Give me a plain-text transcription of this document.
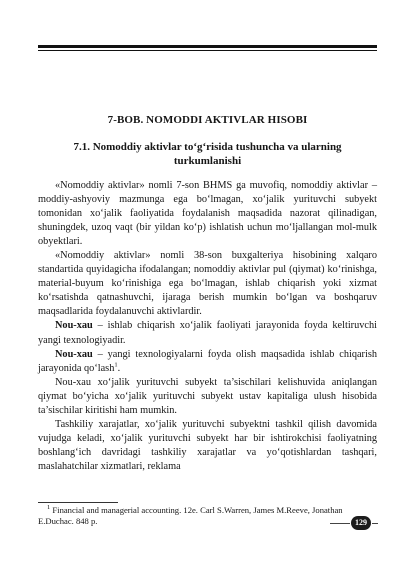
7-BOB. NOMODDI AKTIVLAR HISOBI
7.1. Nomoddiy aktivlar to‘g‘risida tushuncha va ularning turkumlanishi

«Nomoddiy aktivlar» nomli 7-son BHMS ga muvofiq, nomoddiy aktivlar – moddiy-ashyoviy mazmunga ega bo‘lmagan, xo‘jalik yurituvchi subyekt tomonidan xo‘jalik faoliyatida foydalanish maqsadida nazorat qilinadigan, shuningdek, uzoq vaqt (bir yildan ko‘p) ishlatish uchun mo‘ljallangan mol-mulk obyektlari.

«Nomoddiy aktivlar» nomli 38-son buxgalteriya hisobining xalqaro standartida quyidagicha ifodalangan; nomoddiy aktivlar pul (qiymat) ko‘rinishga, material-buyum ko‘rinishiga ega bo‘lmagan, ishlab chiqarish yoki xizmat ko‘rsatishda qatnashuvchi, ijaraga berish mumkin bo‘lgan va boshqaruv maqsadlarida foydalanuvchi aktivlardir.

Nou-xau – ishlab chiqarish xo‘jalik faoliyati jarayonida foyda keltiruvchi yangi texnologiyadir.

Nou-xau – yangi texnologiyalarni foyda olish maqsadida ishlab chiqarish jarayonida qo‘lash$^1$.

Nou-xau xo‘jalik yurituvchi subyekt ta’sischilari kelishuvida aniqlangan qiymat bo‘yicha xo‘jalik yurituvchi subyekt ustav kapitaliga ulush hisobida ta’sischilar kiritishi ham mumkin.

Tashkiliy xarajatlar, xo‘jalik yurituvchi subyektni tashkil qilish davomida vujudga keladi, xo‘jalik yurituvchi subyekt har bir ishtirokchisi faoliyatning boshlang‘ich davridagi tashkiliy xarajatlar va yo‘qotishlardan tashqari, maslahatchilar xizmatlari, reklama

$^1$ Financial and managerial accounting. 12e. Carl S.Warren, James M.Reeve, Jonathan E.Duchac. 848 p.	129
